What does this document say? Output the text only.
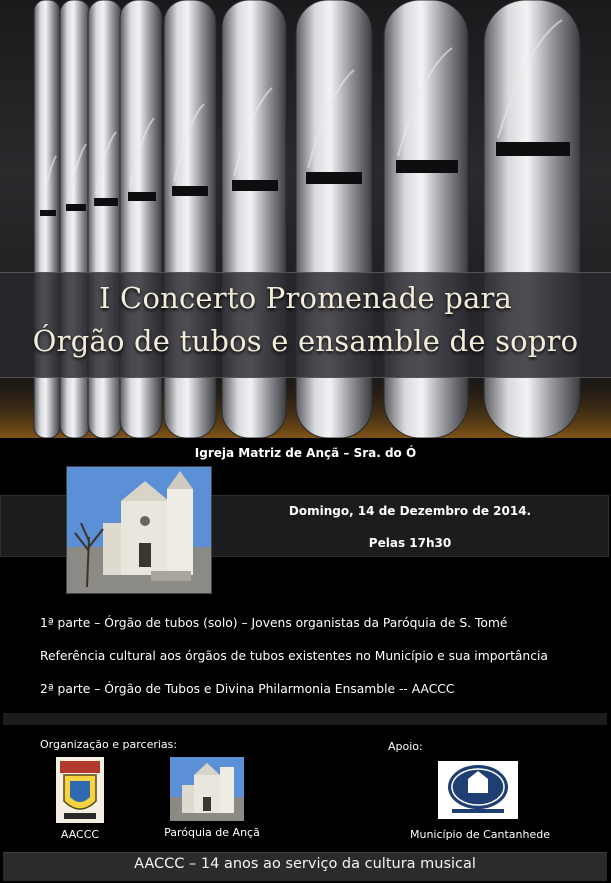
I Concerto Promenade para
Órgão de tubos e ensamble de sopro
Igreja Matriz de Ançã – Sra. do Ó
Domingo, 14 de Dezembro de 2014.
Pelas 17h30
1ª parte – Órgão de tubos (solo) – Jovens organistas da Paróquia de S. Tomé
Referência cultural aos órgãos de tubos existentes no Município e sua importância
2ª parte – Órgão de Tubos e Divina Philarmonia Ensamble -- AACCC
Organização e parcerias:	Apoio:
AACCC	Paróquia de Ançã	Município de Cantanhede
AACCC – 14 anos ao serviço da cultura musical
